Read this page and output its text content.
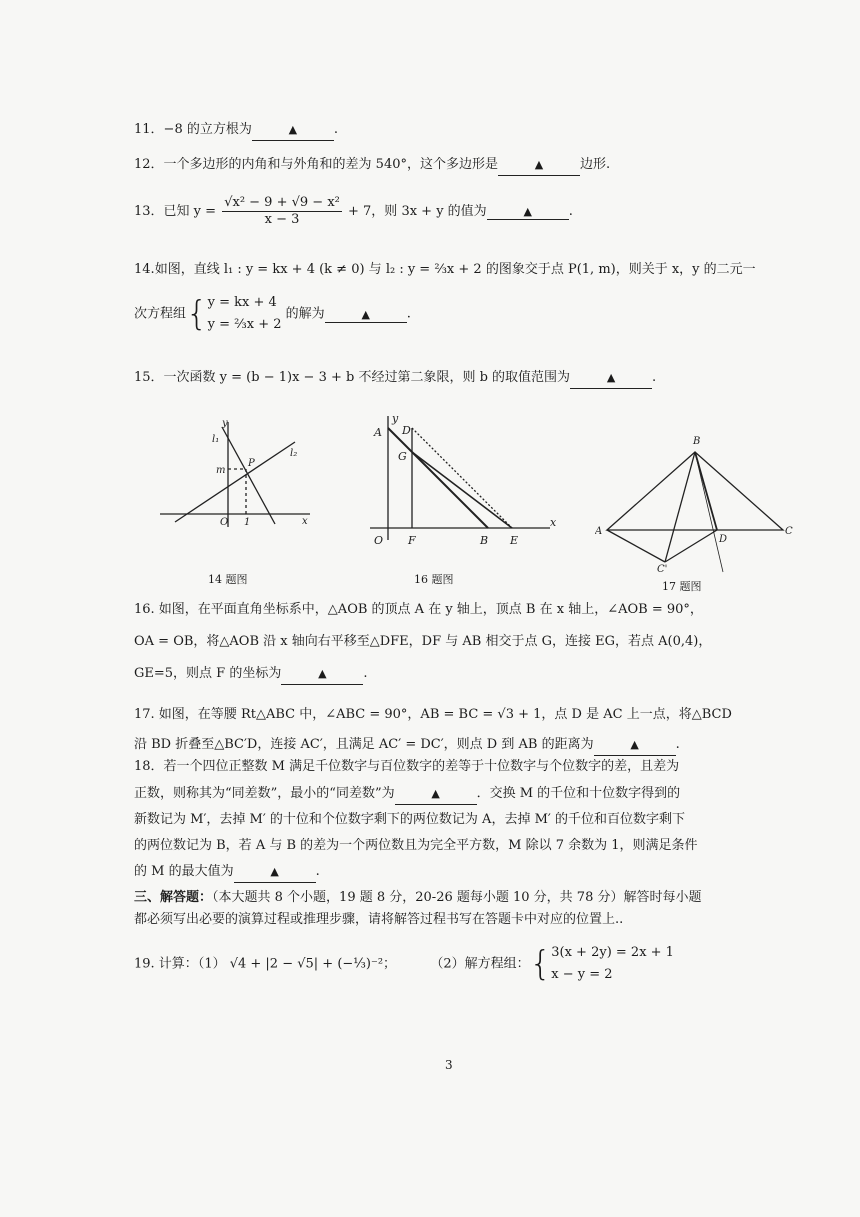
11．−8 的立方根为 ▲	.
12．一个多边形的内角和与外角和的差为 540°，这个多边形是 ▲	边形.
13．已知 $y = \frac{\text{√x² − 9 + √9 − x²}}{x - 3} + 7$，则 3x + y 的值为 ▲	.
14.如图，直线 l₁ : y = kx + 4 (k ≠ 0) 与 l₂ : y = ⅔x + 2 的图象交于点 P(1, m)，则关于 x，y 的二元一
次方程组{ y = kx + 4
y = ⅔x + 2
的解为 ▲	.
15．一次函数 y = (b − 1)x − 3 + b 不经过第二象限，则 b 的取值范围为 ▲	.
y
l₁
l₂
m
P
O 1	x
14 题图
y
A D
G
O F	B E
x
16 题图
B
A	C
D
C'
17 题图
16. 如图，在平面直角坐标系中，△AOB 的顶点 A 在 y 轴上，顶点 B 在 x 轴上，∠AOB = 90°，
OA = OB，将△AOB 沿 x 轴向右平移至△DFE，DF 与 AB 相交于点 G，连接 EG，若点 A(0,4)，
GE=5，则点 F 的坐标为 ▲	.
17. 如图，在等腰 Rt△ABC 中，∠ABC = 90°，AB = BC = √3 + 1，点 D 是 AC 上一点，将△BCD
沿 BD 折叠至△BC′D，连接 AC′，且满足 AC′ = DC′，则点 D 到 AB 的距离为 ▲	.
18．若一个四位正整数 M 满足千位数字与百位数字的差等于十位数字与个位数字的差，且差为
正数，则称其为“同差数”，最小的“同差数”为 ▲	．交换 M 的千位和十位数字得到的
新数记为 M′，去掉 M′ 的十位和个位数字剩下的两位数记为 A，去掉 M′ 的千位和百位数字剩下
的两位数记为 B，若 A 与 B 的差为一个两位数且为完全平方数，M 除以 7 余数为 1，则满足条件
的 M 的最大值为 ▲	.
三、解答题：（本大题共 8 个小题，19 题 8 分，20-26 题每小题 10 分，共 78 分）解答时每小题
都必须写出必要的演算过程或推理步骤，请将解答过程书写在答题卡中对应的位置上..
19. 计算：（1） √4 + |2 − √5| + (−⅓)⁻²；	（2）解方程组：{ 3(x + 2y) = 2x + 1
x − y = 2
3
